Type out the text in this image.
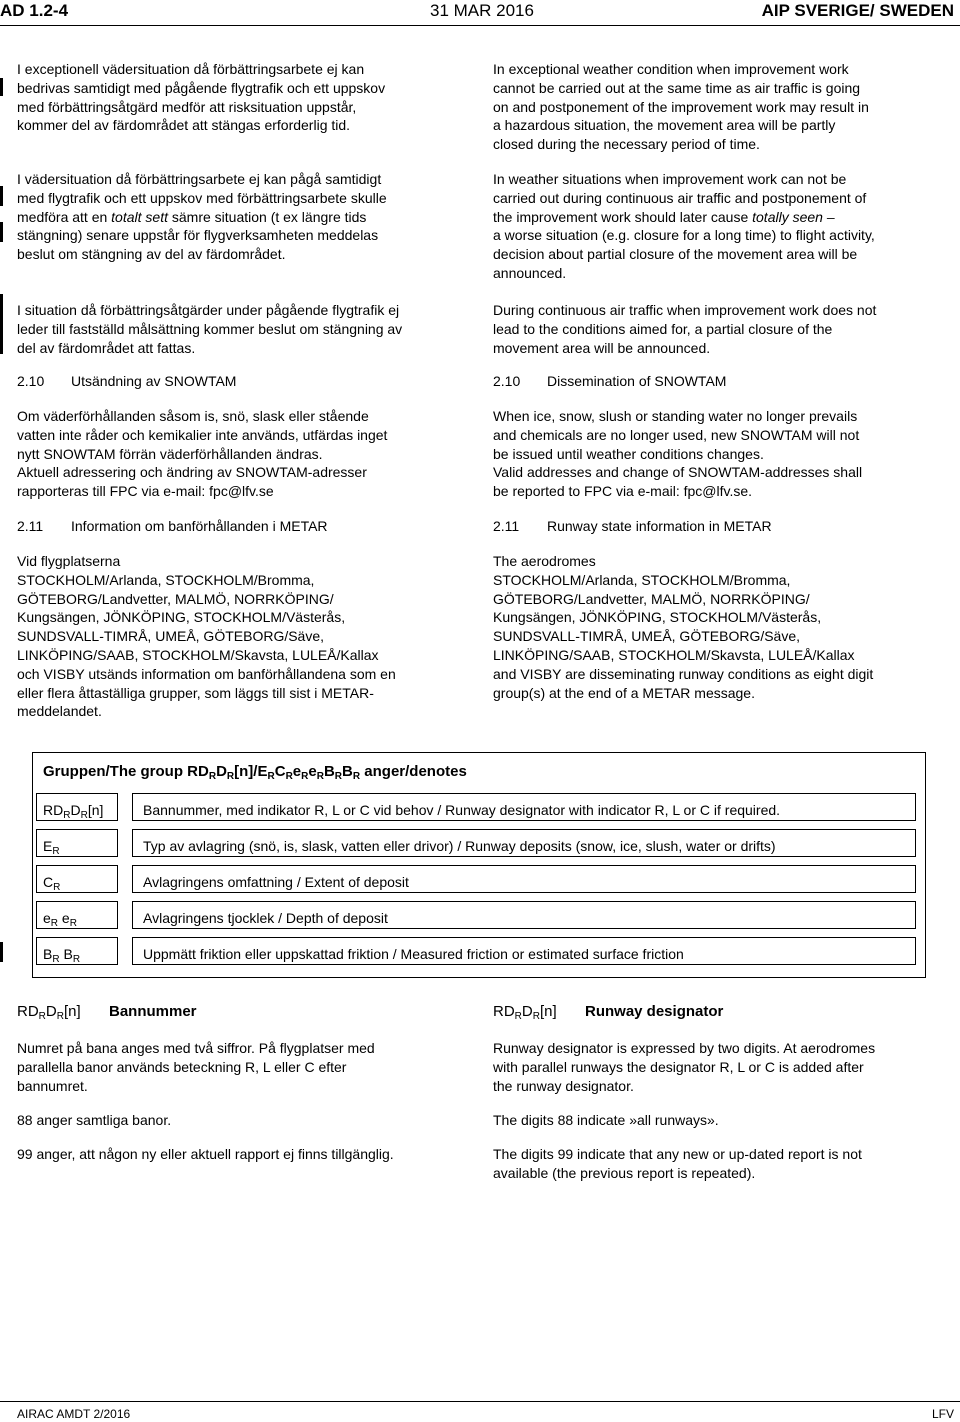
AD 1.2-4	31 MAR 2016	AIP SVERIGE/ SWEDEN
I exceptionell vädersituation då förbättringsarbete ej kan
bedrivas samtidigt med pågående flygtrafik och ett uppskov
med förbättringsåtgärd medför att risksituation uppstår,
kommer del av färdområdet att stängas erforderlig tid.
I vädersituation då förbättringsarbete ej kan pågå samtidigt
med flygtrafik och ett uppskov med förbättringsarbete skulle
medföra att en totalt sett sämre situation (t ex längre tids
stängning) senare uppstår för flygverksamheten meddelas
beslut om stängning av del av färdområdet.
I situation då förbättringsåtgärder under pågående flygtrafik ej
leder till fastställd målsättning kommer beslut om stängning av
del av färdområdet att fattas.
2.10 Utsändning av SNOWTAM
Om väderförhållanden såsom is, snö, slask eller stående
vatten inte råder och kemikalier inte används, utfärdas inget
nytt SNOWTAM förrän väderförhållanden ändras.
Aktuell adressering och ändring av SNOWTAM-adresser
rapporteras till FPC via e-mail: fpc@lfv.se
2.11 Information om banförhållanden i METAR
Vid flygplatserna
STOCKHOLM/Arlanda, STOCKHOLM/Bromma,
GÖTEBORG/Landvetter, MALMÖ, NORRKÖPING/
Kungsängen, JÖNKÖPING, STOCKHOLM/Västerås,
SUNDSVALL-TIMRÅ, UMEÅ, GÖTEBORG/Säve,
LINKÖPING/SAAB, STOCKHOLM/Skavsta, LULEÅ/Kallax
och VISBY utsänds information om banförhållandena som en
eller flera åttaställiga grupper, som läggs till sist i METAR-
meddelandet.
In exceptional weather condition when improvement work
cannot be carried out at the same time as air traffic is going
on and postponement of the improvement work may result in
a hazardous situation, the movement area will be partly
closed during the necessary period of time.
In weather situations when improvement work can not be
carried out during continuous air traffic and postponement of
the improvement work should later cause totally seen –
a worse situation (e.g. closure for a long time) to flight activity,
decision about partial closure of the movement area will be
announced.
During continuous air traffic when improvement work does not
lead to the conditions aimed for, a partial closure of the
movement area will be announced.
2.10 Dissemination of SNOWTAM
When ice, snow, slush or standing water no longer prevails
and chemicals are no longer used, new SNOWTAM will not
be issued until weather conditions changes.
Valid addresses and change of SNOWTAM-addresses shall
be reported to FPC via e-mail: fpc@lfv.se.
2.11 Runway state information in METAR
The aerodromes
STOCKHOLM/Arlanda, STOCKHOLM/Bromma,
GÖTEBORG/Landvetter, MALMÖ, NORRKÖPING/
Kungsängen, JÖNKÖPING, STOCKHOLM/Västerås,
SUNDSVALL-TIMRÅ, UMEÅ, GÖTEBORG/Säve,
LINKÖPING/SAAB, STOCKHOLM/Skavsta, LULEÅ/Kallax
and VISBY are disseminating runway conditions as eight digit
group(s) at the end of a METAR message.
Gruppen/The group $RD_RD_R[n]/E_RC_Re_Re_RB_RB_R$ anger/denotes
$RD_RD_R[n]$	Bannummer, med indikator R, L or C vid behov / Runway designator with indicator R, L or C if required.
$E_R$	Typ av avlagring (snö, is, slask, vatten eller drivor) / Runway deposits (snow, ice, slush, water or drifts)
$C_R$	Avlagringens omfattning / Extent of deposit
$e_R$ $e_R$	Avlagringens tjocklek / Depth of deposit
$B_R$ $B_R$	Uppmätt friktion eller uppskattad friktion / Measured friction or estimated surface friction
$RD_RD_R[n]$ Bannummer
Numret på bana anges med två siffror. På flygplatser med
parallella banor används beteckning R, L eller C efter
bannumret.
88 anger samtliga banor.
99 anger, att någon ny eller aktuell rapport ej finns tillgänglig.
$RD_RD_R[n]$ Runway designator
Runway designator is expressed by two digits. At aerodromes
with parallel runways the designator R, L or C is added after
the runway designator.
The digits 88 indicate »all runways».
The digits 99 indicate that any new or up-dated report is not
available (the previous report is repeated).
AIRAC AMDT 2/2016	LFV
